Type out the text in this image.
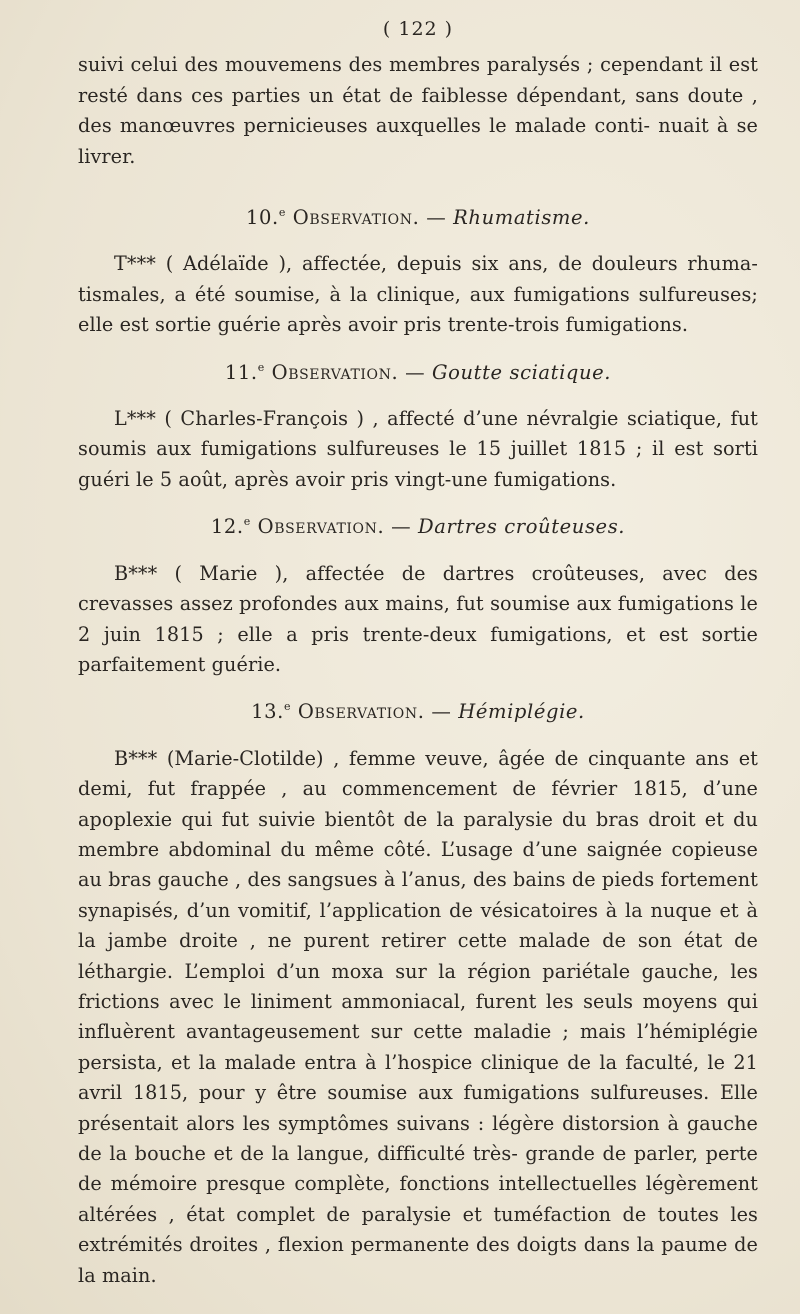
( 122 )

suivi celui des mouvemens des membres paralysés ; cependant il est resté dans ces parties un état de faiblesse dépendant, sans doute , des manœuvres pernicieuses auxquelles le malade conti- nuait à se livrer.

10.$^e$ Observation. — Rhumatisme.

T*** ( Adélaïde ), affectée, depuis six ans, de douleurs rhuma- tismales, a été soumise, à la clinique, aux fumigations sulfureuses; elle est sortie guérie après avoir pris trente-trois fumigations.

11.$^e$ Observation. — Goutte sciatique.

L*** ( Charles-François ) , affecté d’une névralgie sciatique, fut soumis aux fumigations sulfureuses le 15 juillet 1815 ; il est sorti guéri le 5 août, après avoir pris vingt-une fumigations.

12.$^e$ Observation. — Dartres croûteuses.

B*** ( Marie ), affectée de dartres croûteuses, avec des crevasses assez profondes aux mains, fut soumise aux fumigations le 2 juin 1815 ; elle a pris trente-deux fumigations, et est sortie parfaitement guérie.

13.$^e$ Observation. — Hémiplégie.

B*** (Marie-Clotilde) , femme veuve, âgée de cinquante ans et demi, fut frappée , au commencement de février 1815, d’une apoplexie qui fut suivie bientôt de la paralysie du bras droit et du membre abdominal du même côté. L’usage d’une saignée copieuse au bras gauche , des sangsues à l’anus, des bains de pieds fortement synapisés, d’un vomitif, l’application de vésicatoires à la nuque et à la jambe droite , ne purent retirer cette malade de son état de léthargie. L’emploi d’un moxa sur la région pariétale gauche, les frictions avec le liniment ammoniacal, furent les seuls moyens qui influèrent avantageusement sur cette maladie ; mais l’hémiplégie persista, et la malade entra à l’hospice clinique de la faculté, le 21 avril 1815, pour y être soumise aux fumigations sulfureuses. Elle présentait alors les symptômes suivans : légère distorsion à gauche de la bouche et de la langue, difficulté très- grande de parler, perte de mémoire presque complète, fonctions intellectuelles légèrement altérées , état complet de paralysie et tuméfaction de toutes les extrémités droites , flexion permanente des doigts dans la paume de la main.
